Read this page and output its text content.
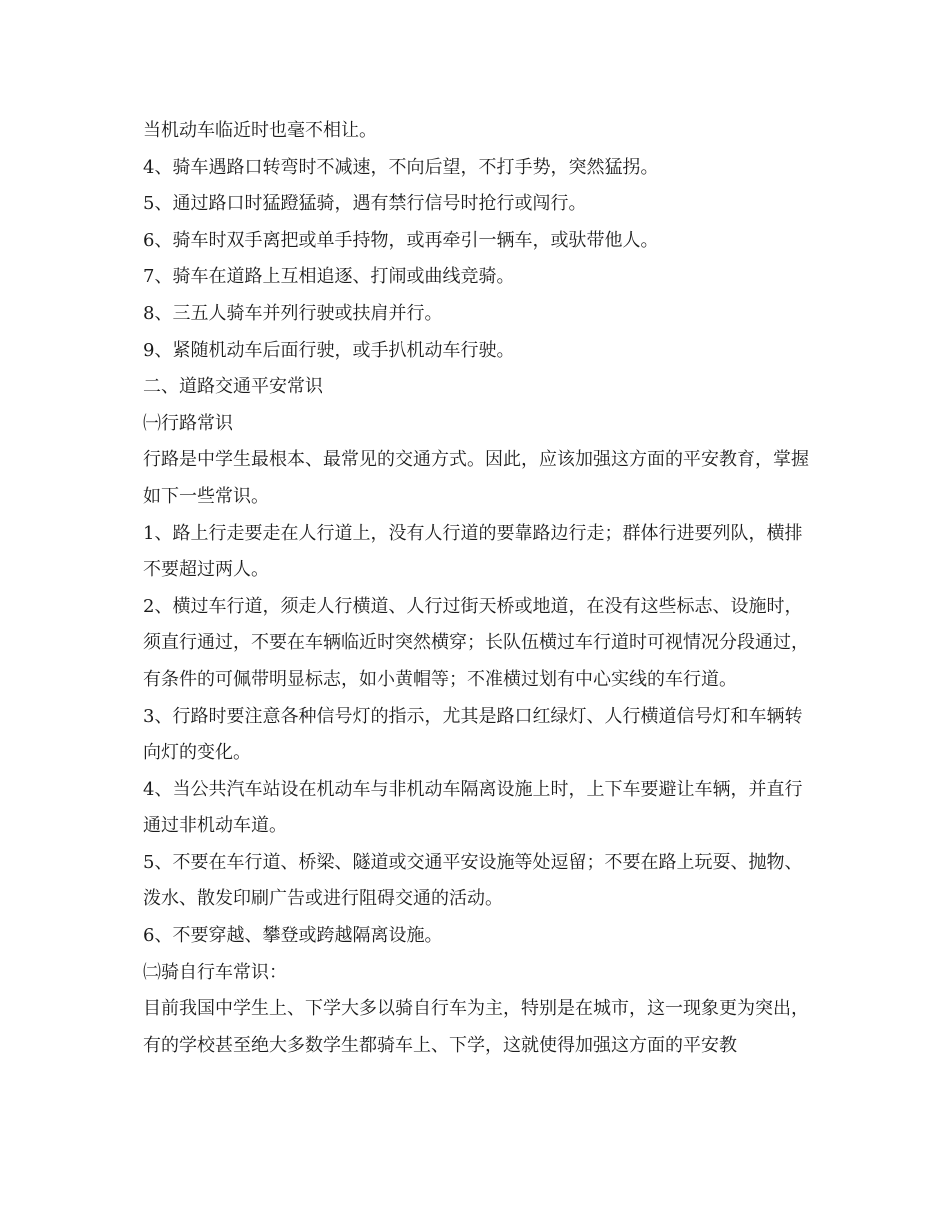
当机动车临近时也毫不相让。

4、骑车遇路口转弯时不减速，不向后望，不打手势，突然猛拐。

5、通过路口时猛蹬猛骑，遇有禁行信号时抢行或闯行。

6、骑车时双手离把或单手持物，或再牵引一辆车，或驮带他人。

7、骑车在道路上互相追逐、打闹或曲线竞骑。

8、三五人骑车并列行驶或扶肩并行。

9、紧随机动车后面行驶，或手扒机动车行驶。

二、道路交通平安常识

㈠行路常识

行路是中学生最根本、最常见的交通方式。因此，应该加强这方面的平安教育，掌握如下一些常识。

1、路上行走要走在人行道上，没有人行道的要靠路边行走；群体行进要列队，横排不要超过两人。

2、横过车行道，须走人行横道、人行过街天桥或地道，在没有这些标志、设施时，须直行通过，不要在车辆临近时突然横穿；长队伍横过车行道时可视情况分段通过，有条件的可佩带明显标志，如小黄帽等；不准横过划有中心实线的车行道。

3、行路时要注意各种信号灯的指示，尤其是路口红绿灯、人行横道信号灯和车辆转向灯的变化。

4、当公共汽车站设在机动车与非机动车隔离设施上时，上下车要避让车辆，并直行通过非机动车道。

5、不要在车行道、桥梁、隧道或交通平安设施等处逗留；不要在路上玩耍、抛物、泼水、散发印刷广告或进行阻碍交通的活动。

6、不要穿越、攀登或跨越隔离设施。

㈡骑自行车常识：

目前我国中学生上、下学大多以骑自行车为主，特别是在城市，这一现象更为突出，有的学校甚至绝大多数学生都骑车上、下学，这就使得加强这方面的平安教
